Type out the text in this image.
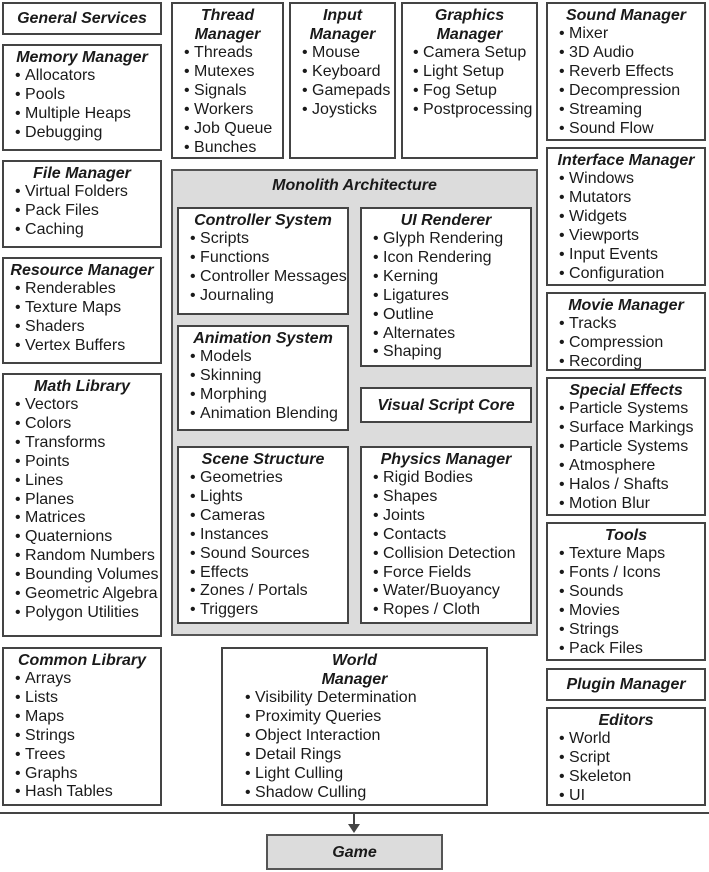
General Services

Memory Manager

• Allocators
• Pools
• Multiple Heaps
• Debugging

File Manager

• Virtual Folders
• Pack Files
• Caching

Resource Manager

• Renderables
• Texture Maps
• Shaders
• Vertex Buffers

Math Library

• Vectors
• Colors
• Transforms
• Points
• Lines
• Planes
• Matrices
• Quaternions
• Random Numbers
• Bounding Volumes
• Geometric Algebra
• Polygon Utilities

Common Library

• Arrays
• Lists
• Maps
• Strings
• Trees
• Graphs
• Hash Tables

Thread

Manager

• Threads
• Mutexes
• Signals
• Workers
• Job Queue
• Bunches

Input

Manager

• Mouse
• Keyboard
• Gamepads
• Joysticks

Graphics

Manager

• Camera Setup
• Light Setup
• Fog Setup
• Postprocessing
Monolith Architecture

Controller System

• Scripts
• Functions
• Controller Messages
• Journaling

UI Renderer

• Glyph Rendering
• Icon Rendering
• Kerning
• Ligatures
• Outline
• Alternates
• Shaping

Animation System

• Models
• Skinning
• Morphing
• Animation Blending	Visual Script Core

Scene Structure

• Geometries
• Lights
• Cameras
• Instances
• Sound Sources
• Effects
• Zones / Portals
• Triggers

Physics Manager

• Rigid Bodies
• Shapes
• Joints
• Contacts
• Collision Detection
• Force Fields
• Water/Buoyancy
• Ropes / Cloth

World

Manager

• Visibility Determination
• Proximity Queries
• Object Interaction
• Detail Rings
• Light Culling
• Shadow Culling

Sound Manager

• Mixer
• 3D Audio
• Reverb Effects
• Decompression
• Streaming
• Sound Flow

Interface Manager

• Windows
• Mutators
• Widgets
• Viewports
• Input Events
• Configuration

Movie Manager

• Tracks
• Compression
• Recording

Special Effects

• Particle Systems
• Surface Markings
• Particle Systems
• Atmosphere
• Halos / Shafts
• Motion Blur

Tools

• Texture Maps
• Fonts / Icons
• Sounds
• Movies
• Strings
• Pack Files

Plugin Manager

Editors

• World
• Script
• Skeleton
• UI

Game
